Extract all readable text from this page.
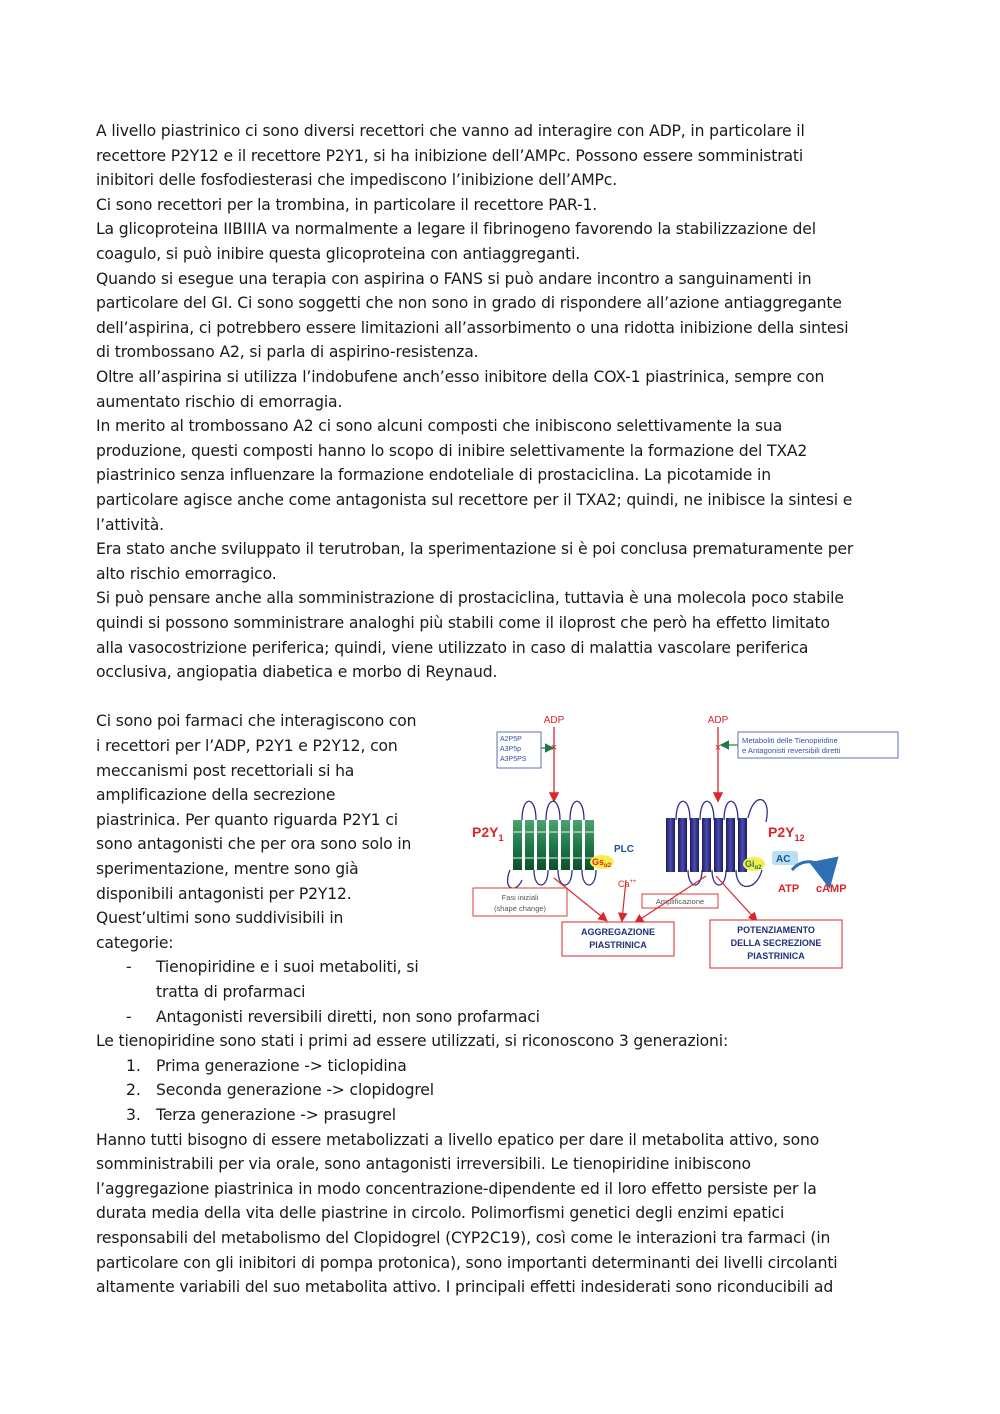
A livello piastrinico ci sono diversi recettori che vanno ad interagire con ADP, in particolare il
recettore P2Y12 e il recettore P2Y1, si ha inibizione dell’AMPc. Possono essere somministrati
inibitori delle fosfodiesterasi che impediscono l’inibizione dell’AMPc.
Ci sono recettori per la trombina, in particolare il recettore PAR-1.
La glicoproteina IIBIIIA va normalmente a legare il fibrinogeno favorendo la stabilizzazione del
coagulo, si può inibire questa glicoproteina con antiaggreganti.
Quando si esegue una terapia con aspirina o FANS si può andare incontro a sanguinamenti in
particolare del GI. Ci sono soggetti che non sono in grado di rispondere all’azione antiaggregante
dell’aspirina, ci potrebbero essere limitazioni all’assorbimento o una ridotta inibizione della sintesi
di trombossano A2, si parla di aspirino-resistenza.
Oltre all’aspirina si utilizza l’indobufene anch’esso inibitore della COX-1 piastrinica, sempre con
aumentato rischio di emorragia.
In merito al trombossano A2 ci sono alcuni composti che inibiscono selettivamente la sua
produzione, questi composti hanno lo scopo di inibire selettivamente la formazione del TXA2
piastrinico senza influenzare la formazione endoteliale di prostaciclina. La picotamide in
particolare agisce anche come antagonista sul recettore per il TXA2; quindi, ne inibisce la sintesi e
l’attività.
Era stato anche sviluppato il terutroban, la sperimentazione si è poi conclusa prematuramente per
alto rischio emorragico.
Si può pensare anche alla somministrazione di prostaciclina, tuttavia è una molecola poco stabile
quindi si possono somministrare analoghi più stabili come il iloprost che però ha effetto limitato
alla vasocostrizione periferica; quindi, viene utilizzato in caso di malattia vascolare periferica
occlusiva, angiopatia diabetica e morbo di Reynaud.
Ci sono poi farmaci che interagiscono con
i recettori per l’ADP, P2Y1 e P2Y12, con
meccanismi post recettoriali si ha
amplificazione della secrezione
piastrinica. Per quanto riguarda P2Y1 ci
sono antagonisti che per ora sono solo in
sperimentazione, mentre sono già
disponibili antagonisti per P2Y12.
Quest’ultimi sono suddivisibili in
categorie:
- Tienopiridine e i suoi metaboliti, si
tratta di profarmaci
- Antagonisti reversibili diretti, non sono profarmaci
Le tienopiridine sono stati i primi ad essere utilizzati, si riconoscono 3 generazioni:
1. Prima generazione -> ticlopidina
2. Seconda generazione -> clopidogrel
3. Terza generazione -> prasugrel
Hanno tutti bisogno di essere metabolizzati a livello epatico per dare il metabolita attivo, sono
somministrabili per via orale, sono antagonisti irreversibili. Le tienopiridine inibiscono
l’aggregazione piastrinica in modo concentrazione-dipendente ed il loro effetto persiste per la
durata media della vita delle piastrine in circolo. Polimorfismi genetici degli enzimi epatici
responsabili del metabolismo del Clopidogrel (CYP2C19), così come le interazioni tra farmaci (in
particolare con gli inibitori di pompa protonica), sono importanti determinanti dei livelli circolanti
altamente variabili del suo metabolita attivo. I principali effetti indesiderati sono riconducibili ad
ADP	ADP
×	×
A2P5P
A3P5p
A3P5PS
Metaboliti delle Tienopiridine
e Antagonisti reversibili diretti
$P2Y_1$	$P2Y_{12}$
$Gs_{\alpha 2}$
PLC
Ca++
$Gi_{\alpha 2}$
AC
ATP cAMP
Fasi iniziali
(shape change)
Amplificazione
AGGREGAZIONE
PIASTRINICA
POTENZIAMENTO
DELLA SECREZIONE
PIASTRINICA
